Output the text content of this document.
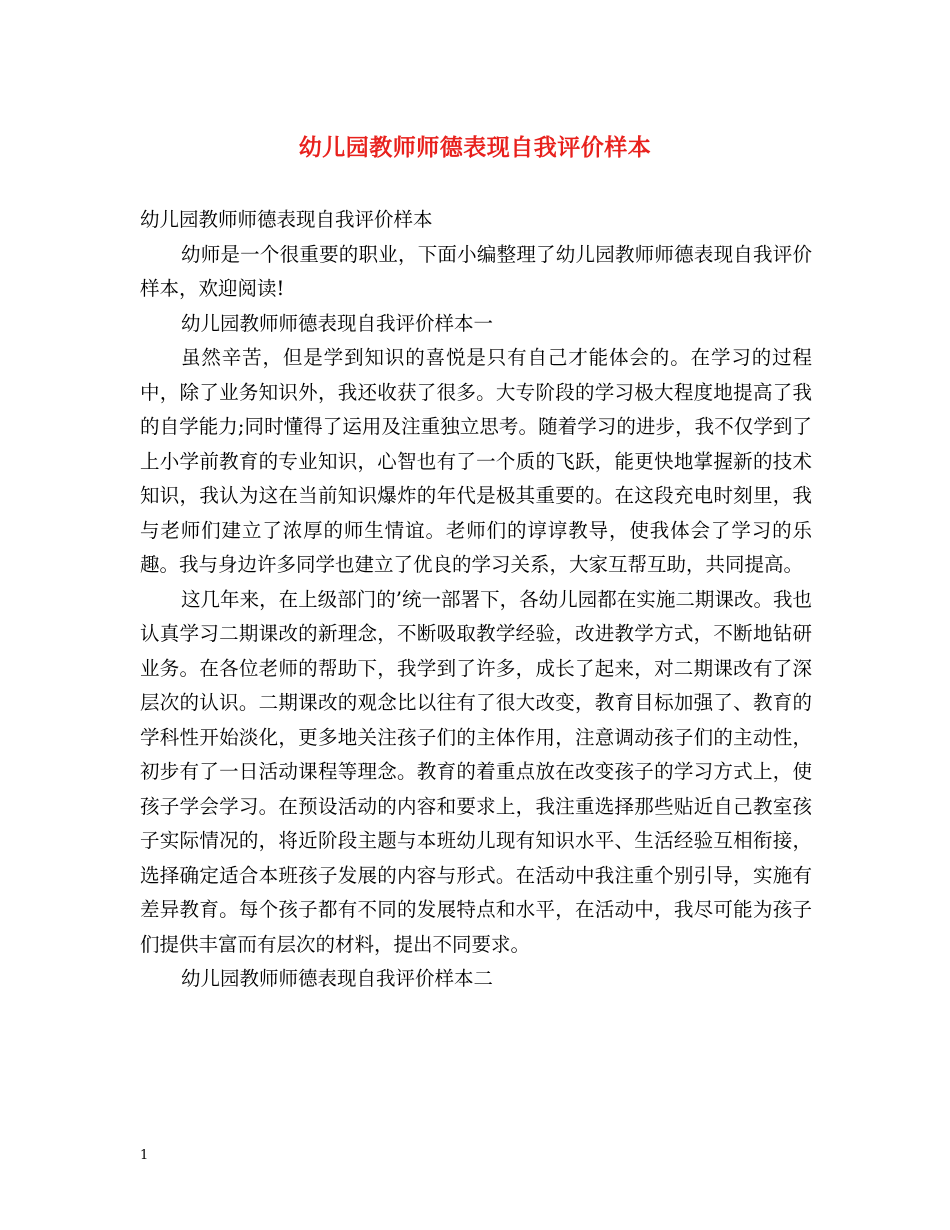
幼儿园教师师德表现自我评价样本

幼儿园教师师德表现自我评价样本

幼师是一个很重要的职业，下面小编整理了幼儿园教师师德表现自我评价样本，欢迎阅读!

幼儿园教师师德表现自我评价样本一

虽然辛苦，但是学到知识的喜悦是只有自己才能体会的。在学习的过程中，除了业务知识外，我还收获了很多。大专阶段的学习极大程度地提高了我的自学能力;同时懂得了运用及注重独立思考。随着学习的进步，我不仅学到了上小学前教育的专业知识，心智也有了一个质的飞跃，能更快地掌握新的技术知识，我认为这在当前知识爆炸的年代是极其重要的。在这段充电时刻里，我与老师们建立了浓厚的师生情谊。老师们的谆谆教导，使我体会了学习的乐趣。我与身边许多同学也建立了优良的学习关系，大家互帮互助，共同提高。

这几年来，在上级部门的’统一部署下，各幼儿园都在实施二期课改。我也认真学习二期课改的新理念，不断吸取教学经验，改进教学方式，不断地钻研业务。在各位老师的帮助下，我学到了许多，成长了起来，对二期课改有了深层次的认识。二期课改的观念比以往有了很大改变，教育目标加强了、教育的学科性开始淡化，更多地关注孩子们的主体作用，注意调动孩子们的主动性，初步有了一日活动课程等理念。教育的着重点放在改变孩子的学习方式上，使孩子学会学习。在预设活动的内容和要求上，我注重选择那些贴近自己教室孩子实际情况的，将近阶段主题与本班幼儿现有知识水平、生活经验互相衔接，选择确定适合本班孩子发展的内容与形式。在活动中我注重个别引导，实施有差异教育。每个孩子都有不同的发展特点和水平，在活动中，我尽可能为孩子们提供丰富而有层次的材料，提出不同要求。

幼儿园教师师德表现自我评价样本二

1
